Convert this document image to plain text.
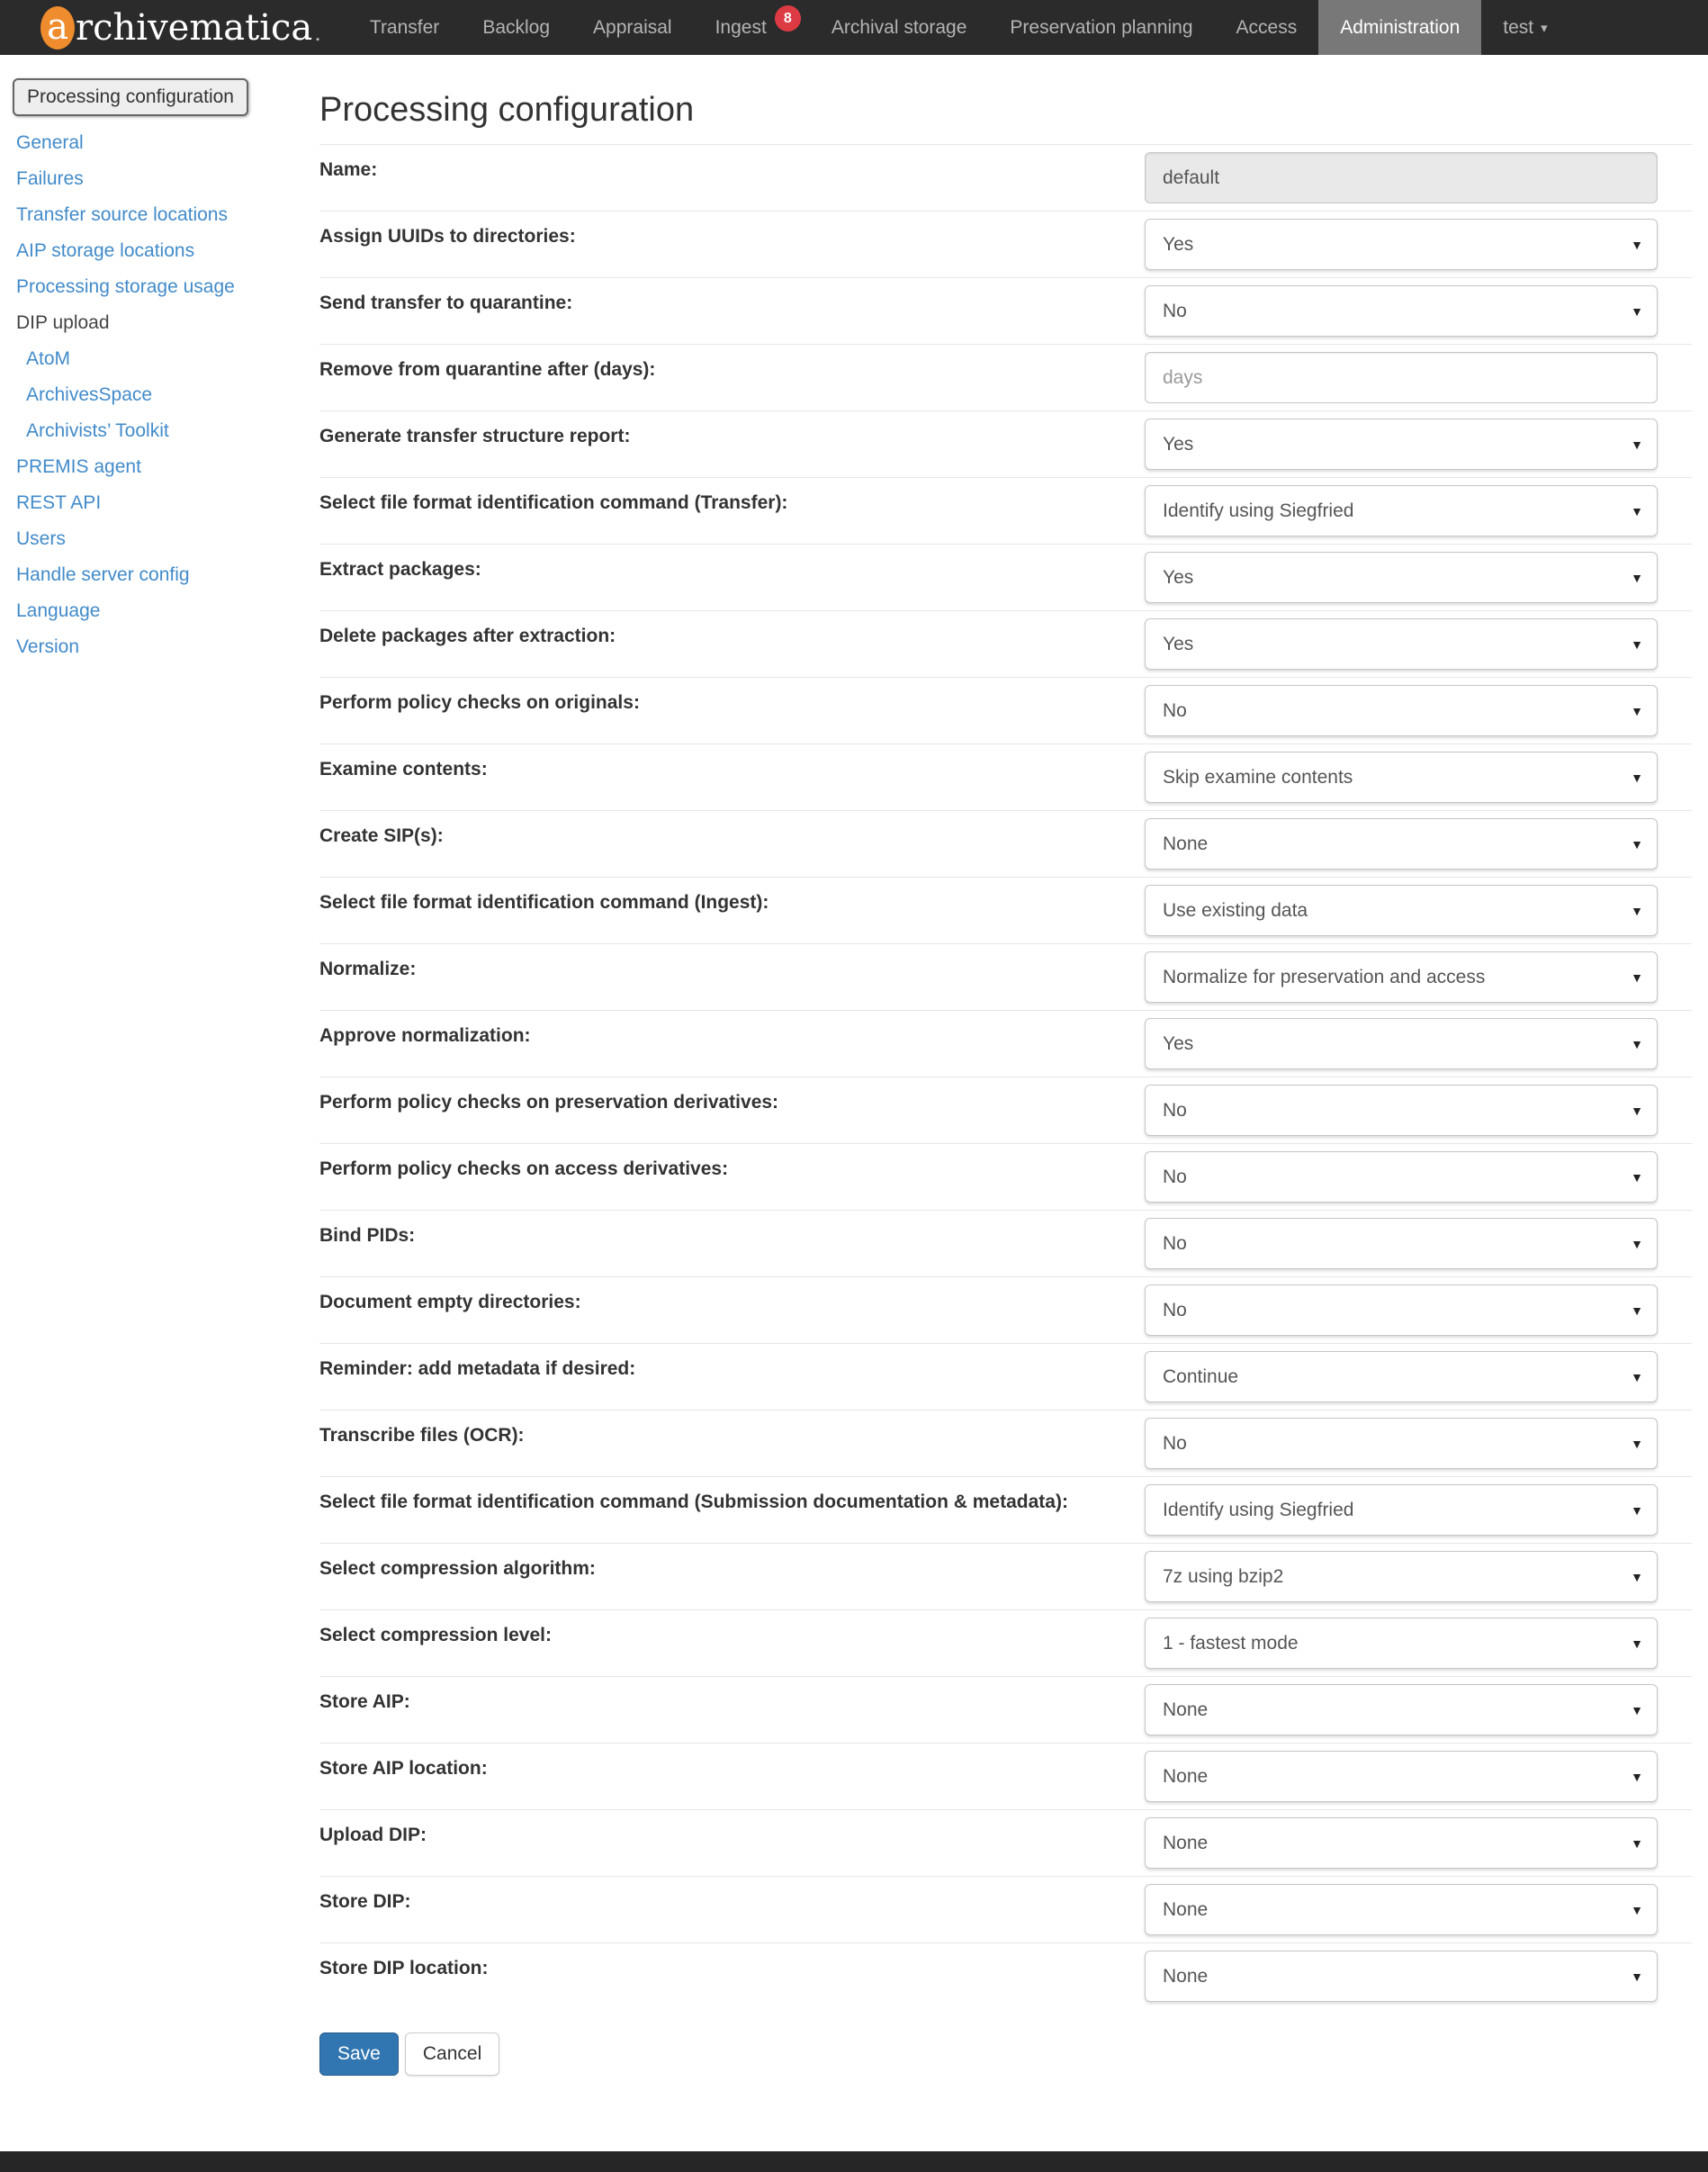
a rchivematica .	Transfer Backlog Appraisal Ingest	8	Archival storage Preservation planning Access Administration test ▾
Processing configuration
General
Failures
Transfer source locations
AIP storage locations
Processing storage usage
DIP upload
AtoM
ArchivesSpace
Archivists’ Toolkit
PREMIS agent
REST API
Users
Handle server config
Language
Version
Processing configuration
Name:	default
Assign UUIDs to directories:	Yes	▼
Send transfer to quarantine:	No	▼
Remove from quarantine after (days):	days
Generate transfer structure report:	Yes	▼
Select file format identification command (Transfer):	Identify using Siegfried	▼
Extract packages:	Yes	▼
Delete packages after extraction:	Yes	▼
Perform policy checks on originals:	No	▼
Examine contents:	Skip examine contents	▼
Create SIP(s):	None	▼
Select file format identification command (Ingest):	Use existing data	▼
Normalize:	Normalize for preservation and access	▼
Approve normalization:	Yes	▼
Perform policy checks on preservation derivatives:	No	▼
Perform policy checks on access derivatives:	No	▼
Bind PIDs:	No	▼
Document empty directories:	No	▼
Reminder: add metadata if desired:	Continue	▼
Transcribe files (OCR):	No	▼
Select file format identification command (Submission documentation & metadata):	Identify using Siegfried	▼
Select compression algorithm:	7z using bzip2	▼
Select compression level:	1 - fastest mode	▼
Store AIP:	None	▼
Store AIP location:	None	▼
Upload DIP:	None	▼
Store DIP:	None	▼
Store DIP location:	None	▼
Save	Cancel
